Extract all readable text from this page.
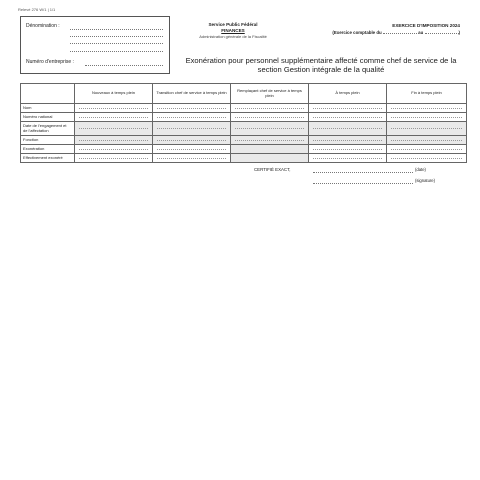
Relevé 276 W/1 | 1/1
Dénomination :
Numéro d'entreprise :
Service Public Fédéral
FINANCES
Administration générale de la Fiscalité
EXERCICE D'IMPOSITION 2024
(Exercice comptable du	au	)
Exonération pour personnel supplémentaire affecté comme chef de service de la section Gestion intégrale de la qualité
	Nouveaux à temps plein	Transition chef de service à temps plein	Remplaçant chef de service à temps plein	À temps plein	Fin à temps plein
Nom	

Numéro national	

Date de l'engagement et de l'affectation	

Fonction	

Exonération	

Effectivement exonéré	

CERTIFIÉ EXACT,	(date)
(signature)
